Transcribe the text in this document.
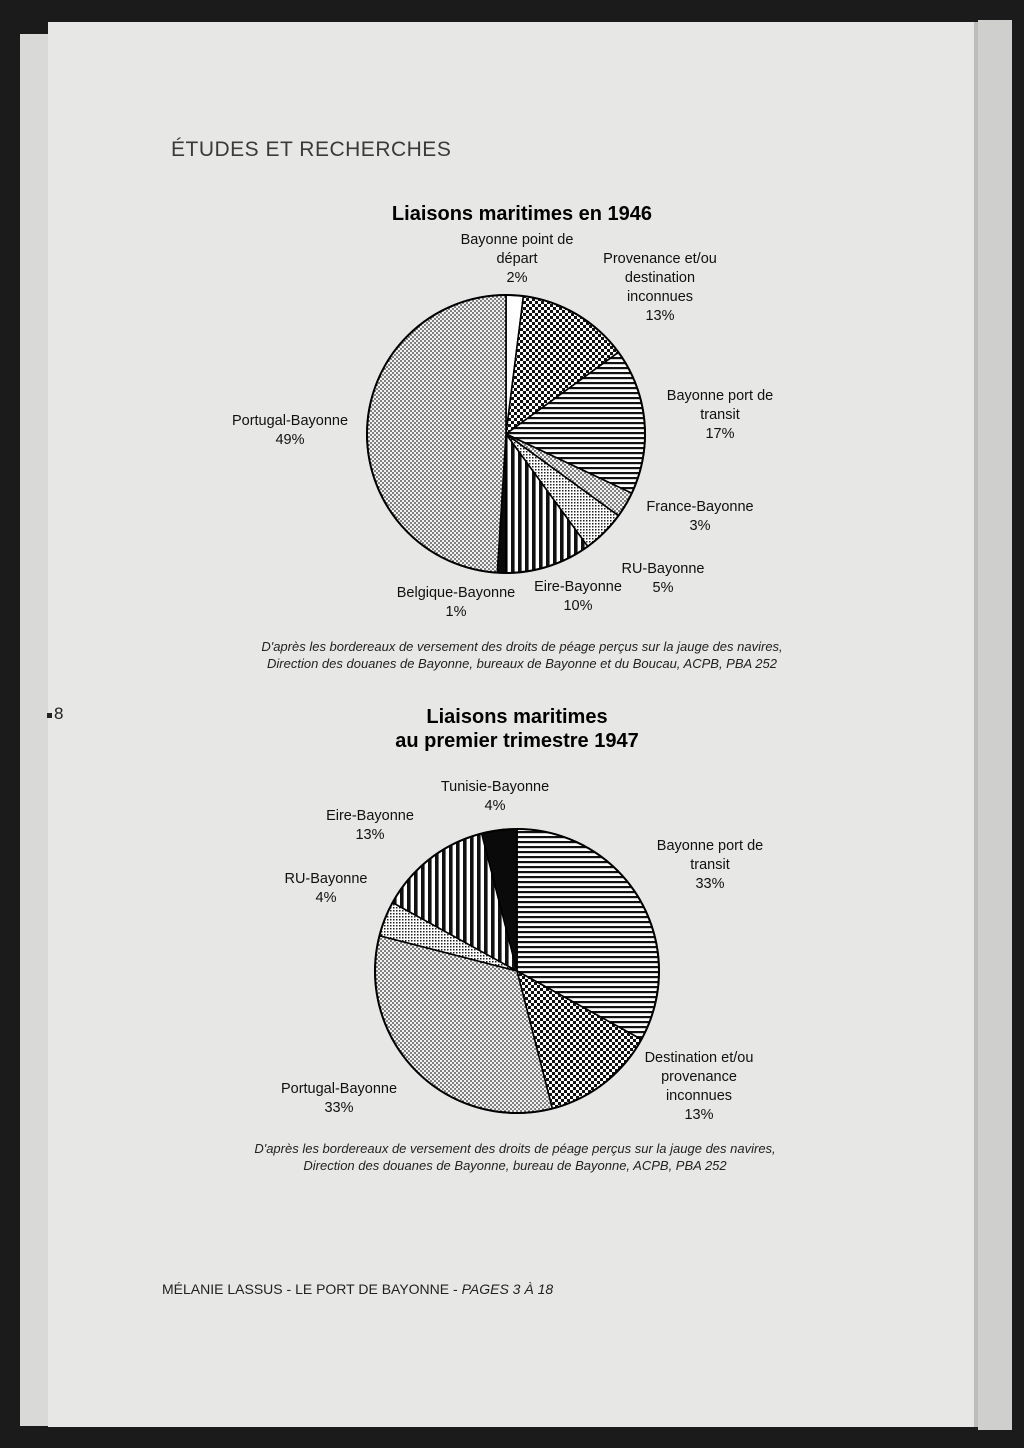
ÉTUDES ET RECHERCHES
8
Liaisons maritimes en 1946
Bayonne point de
départ
2%
Provenance et/ou
destination
inconnues
13%
Bayonne port de
transit
17%
France-Bayonne
3%
RU-Bayonne
5%
Eire-Bayonne
10%
Belgique-Bayonne
1%
Portugal-Bayonne
49%
D'après les bordereaux de versement des droits de péage perçus sur la jauge des navires,
Direction des douanes de Bayonne, bureaux de Bayonne et du Boucau, ACPB, PBA 252
Liaisons maritimes
au premier trimestre 1947
Tunisie-Bayonne
4%
Eire-Bayonne
13%
RU-Bayonne
4%
Bayonne port de
transit
33%
Destination et/ou
provenance
inconnues
13%
Portugal-Bayonne
33%
D'après les bordereaux de versement des droits de péage perçus sur la jauge des navires,
Direction des douanes de Bayonne, bureau de Bayonne, ACPB, PBA 252
MÉLANIE LASSUS - LE PORT DE BAYONNE - PAGES 3 À 18
